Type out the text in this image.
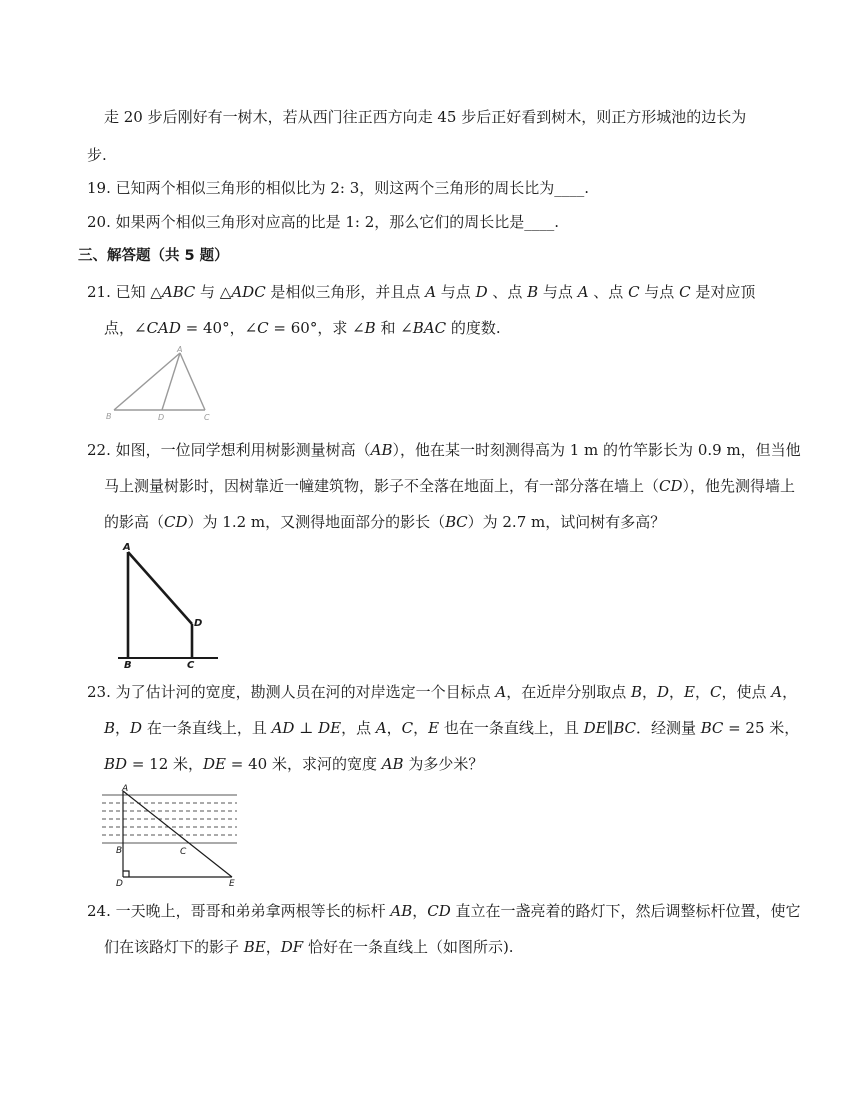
走 20 步后刚好有一树木，若从西门往正西方向走 45 步后正好看到树木，则正方形城池的边长为
步.
19. 已知两个相似三角形的相似比为 2: 3，则这两个三角形的周长比为____.
20. 如果两个相似三角形对应高的比是 1: 2，那么它们的周长比是____.
三、解答题（共 5 题）
21. 已知 △𝐴𝐵𝐶 与 △𝐴𝐷𝐶 是相似三角形，并且点 𝐴 与点 𝐷 、点 𝐵 与点 𝐴 、点 𝐶 与点 𝐶 是对应顶
点，∠𝐶𝐴𝐷 = 40°，∠𝐶 = 60°，求 ∠𝐵 和 ∠𝐵𝐴𝐶 的度数.
A
B	D	C
22. 如图，一位同学想利用树影测量树高（𝐴𝐵），他在某一时刻测得高为 1 m 的竹竿影长为 0.9 m，但当他
马上测量树影时，因树靠近一幢建筑物，影子不全落在地面上，有一部分落在墙上（𝐶𝐷），他先测得墙上
的影高（𝐶𝐷）为 1.2 m，又测得地面部分的影长（𝐵𝐶）为 2.7 m，试问树有多高？
A
D
B	C
23. 为了估计河的宽度，勘测人员在河的对岸选定一个目标点 𝐴，在近岸分别取点 𝐵，𝐷，𝐸，𝐶，使点 𝐴，
𝐵，𝐷 在一条直线上，且 𝐴𝐷 ⊥ 𝐷𝐸，点 𝐴，𝐶，𝐸 也在一条直线上，且 𝐷𝐸∥𝐵𝐶．经测量 𝐵𝐶 = 25 米，
𝐵𝐷 = 12 米，𝐷𝐸 = 40 米，求河的宽度 𝐴𝐵 为多少米？
A
B	C
D	E
24. 一天晚上，哥哥和弟弟拿两根等长的标杆 𝐴𝐵，𝐶𝐷 直立在一盏亮着的路灯下，然后调整标杆位置，使它
们在该路灯下的影子 𝐵𝐸，𝐷𝐹 恰好在一条直线上（如图所示).
